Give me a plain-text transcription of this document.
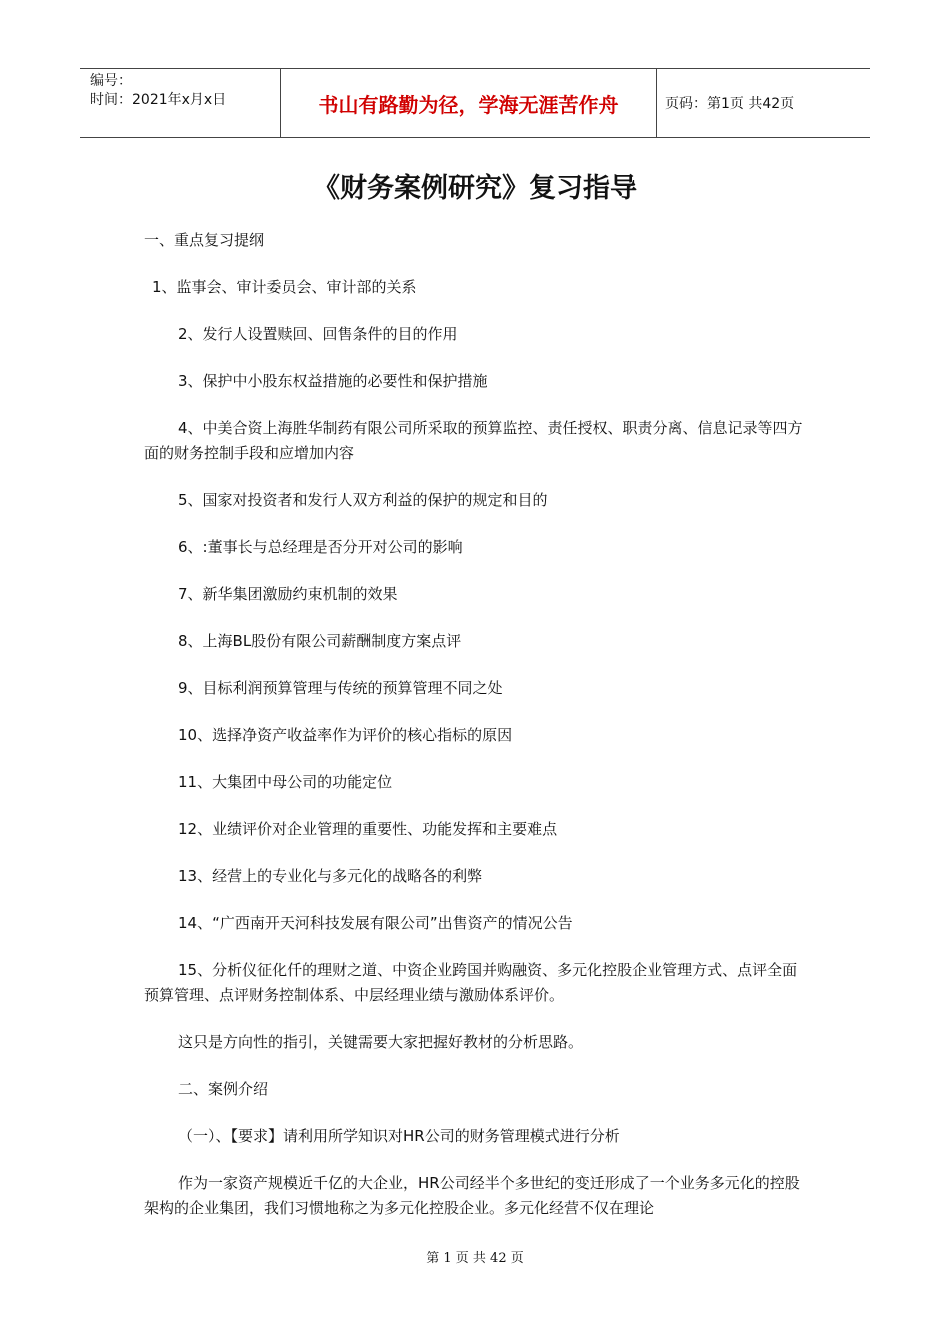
编号：
时间：2021年x月x日	书山有路勤为径，学海无涯苦作舟	页码：第1页 共42页
《财务案例研究》复习指导

一、重点复习提纲

1、监事会、审计委员会、审计部的关系

2、发行人设置赎回、回售条件的目的作用

3、保护中小股东权益措施的必要性和保护措施

4、中美合资上海胜华制药有限公司所采取的预算监控、责任授权、职责分离、信息记录等四方面的财务控制手段和应增加内容

5、国家对投资者和发行人双方利益的保护的规定和目的

6、:董事长与总经理是否分开对公司的影响

7、新华集团激励约束机制的效果

8、上海BL股份有限公司薪酬制度方案点评

9、目标利润预算管理与传统的预算管理不同之处

10、选择净资产收益率作为评价的核心指标的原因

11、大集团中母公司的功能定位

12、业绩评价对企业管理的重要性、功能发挥和主要难点

13、经营上的专业化与多元化的战略各的利弊

14、“广西南开天河科技发展有限公司”出售资产的情况公告

15、分析仪征化仟的理财之道、中资企业跨国并购融资、多元化控股企业管理方式、点评全面预算管理、点评财务控制体系、中层经理业绩与激励体系评价。

这只是方向性的指引，关键需要大家把握好教材的分析思路。

二、案例介绍

（一）、【要求】请利用所学知识对HR公司的财务管理模式进行分析

作为一家资产规模近千亿的大企业，HR公司经半个多世纪的变迁形成了一个业务多元化的控股架构的企业集团，我们习惯地称之为多元化控股企业。多元化经营不仅在理论

第 1 页 共 42 页
